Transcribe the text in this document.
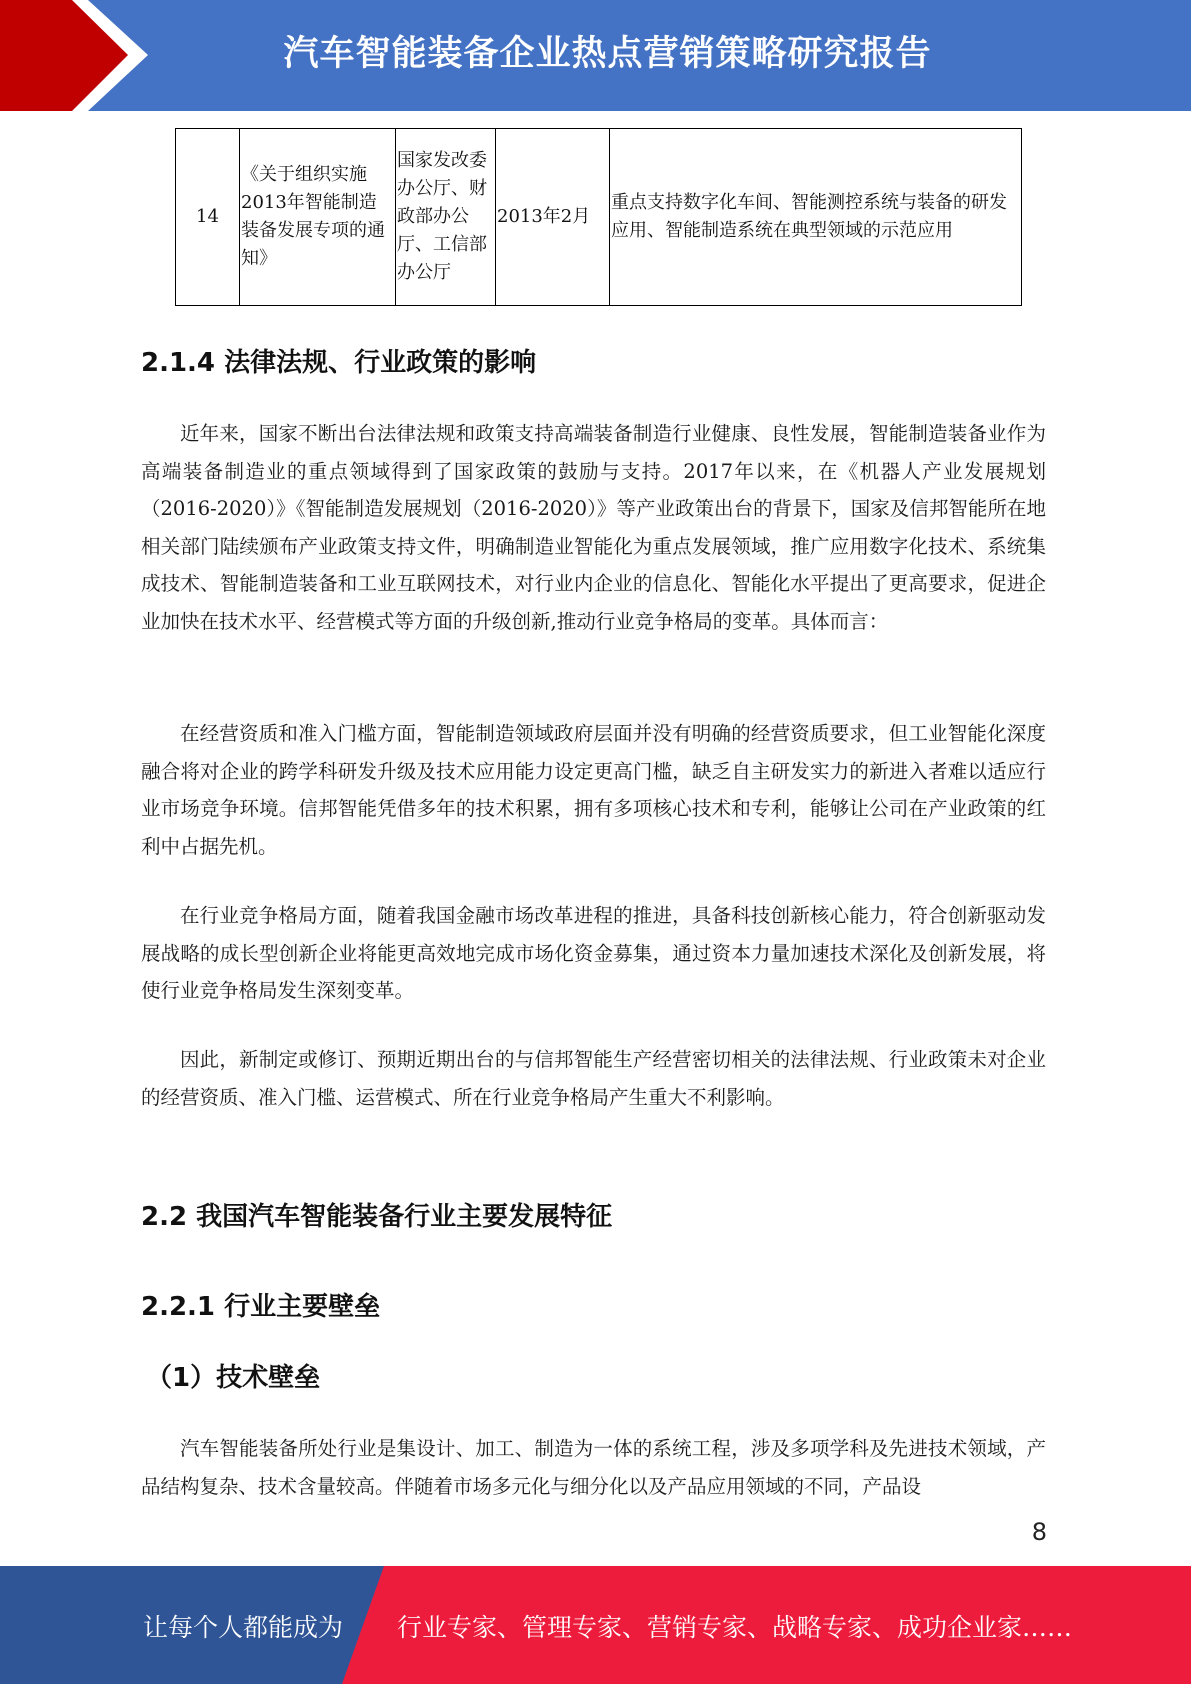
汽车智能装备企业热点营销策略研究报告
14	《关于组织实施2013年智能制造装备发展专项的通知》	国家发改委办公厅、财政部办公厅、工信部办公厅	2013年2月	重点支持数字化车间、智能测控系统与装备的研发应用、智能制造系统在典型领域的示范应用
2.1.4 法律法规、行业政策的影响

近年来，国家不断出台法律法规和政策支持高端装备制造行业健康、良性发展，智能制造装备业作为高端装备制造业的重点领域得到了国家政策的鼓励与支持。2017年以来，在《机器人产业发展规划（2016-2020）》《智能制造发展规划（2016-2020）》等产业政策出台的背景下，国家及信邦智能所在地相关部门陆续颁布产业政策支持文件，明确制造业智能化为重点发展领域，推广应用数字化技术、系统集成技术、智能制造装备和工业互联网技术，对行业内企业的信息化、智能化水平提出了更高要求，促进企业加快在技术水平、经营模式等方面的升级创新,推动行业竞争格局的变革。具体而言：

在经营资质和准入门槛方面，智能制造领域政府层面并没有明确的经营资质要求，但工业智能化深度融合将对企业的跨学科研发升级及技术应用能力设定更高门槛，缺乏自主研发实力的新进入者难以适应行业市场竞争环境。信邦智能凭借多年的技术积累，拥有多项核心技术和专利，能够让公司在产业政策的红利中占据先机。

在行业竞争格局方面，随着我国金融市场改革进程的推进，具备科技创新核心能力，符合创新驱动发展战略的成长型创新企业将能更高效地完成市场化资金募集，通过资本力量加速技术深化及创新发展，将使行业竞争格局发生深刻变革。

因此，新制定或修订、预期近期出台的与信邦智能生产经营密切相关的法律法规、行业政策未对企业的经营资质、准入门槛、运营模式、所在行业竞争格局产生重大不利影响。

2.2 我国汽车智能装备行业主要发展特征
2.2.1 行业主要壁垒
（1）技术壁垒

汽车智能装备所处行业是集设计、加工、制造为一体的系统工程，涉及多项学科及先进技术领域，产品结构复杂、技术含量较高。伴随着市场多元化与细分化以及产品应用领域的不同，产品设

8
让每个人都能成为 行业专家、管理专家、营销专家、战略专家、成功企业家……
